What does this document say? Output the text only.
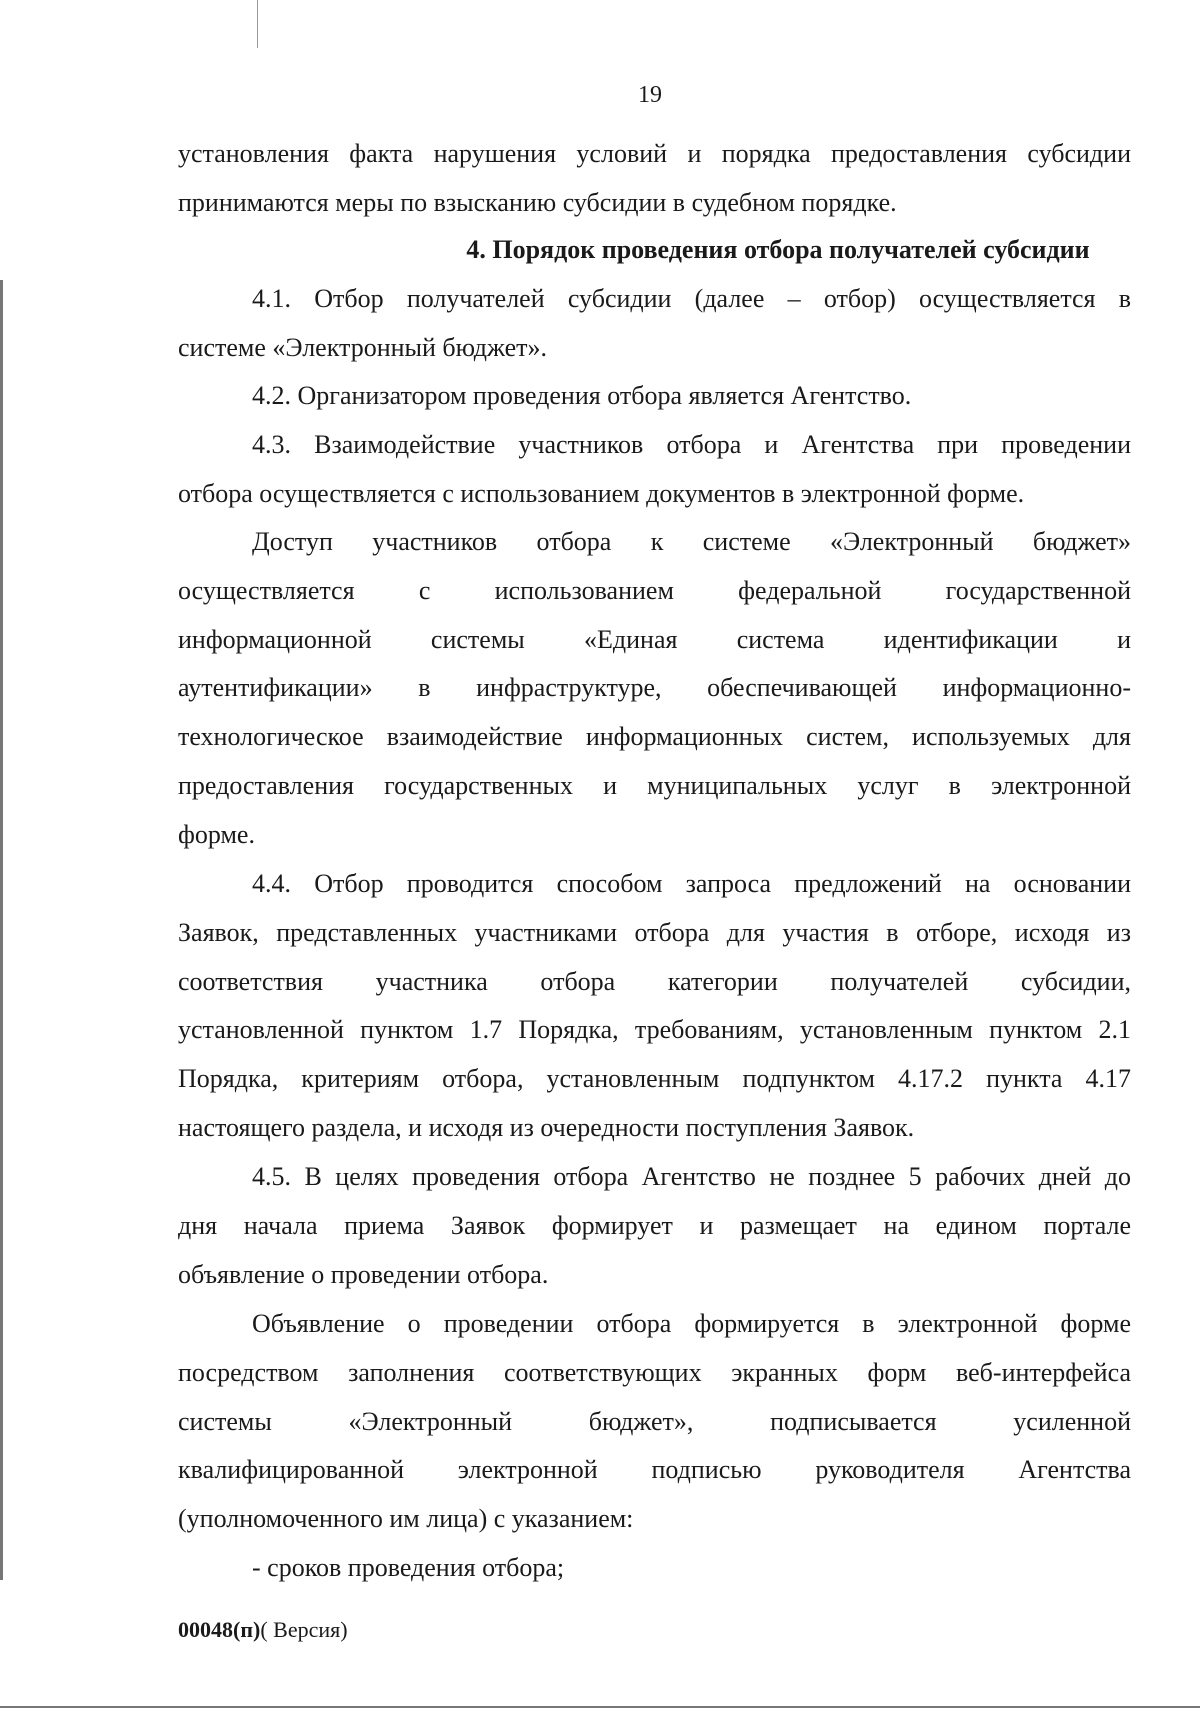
19
установления факта нарушения условий и порядка предоставления субсидии
принимаются меры по взысканию субсидии в судебном порядке.
4. Порядок проведения отбора получателей субсидии
4.1. Отбор получателей субсидии (далее – отбор) осуществляется в
системе «Электронный бюджет».
4.2. Организатором проведения отбора является Агентство.
4.3. Взаимодействие участников отбора и Агентства при проведении
отбора осуществляется с использованием документов в электронной форме.
Доступ участников отбора к системе «Электронный бюджет»
осуществляется с использованием федеральной государственной
информационной системы «Единая система идентификации и
аутентификации» в инфраструктуре, обеспечивающей информационно-
технологическое взаимодействие информационных систем, используемых для
предоставления государственных и муниципальных услуг в электронной
форме.
4.4. Отбор проводится способом запроса предложений на основании
Заявок, представленных участниками отбора для участия в отборе, исходя из
соответствия участника отбора категории получателей субсидии,
установленной пунктом 1.7 Порядка, требованиям, установленным пунктом 2.1
Порядка, критериям отбора, установленным подпунктом 4.17.2 пункта 4.17
настоящего раздела, и исходя из очередности поступления Заявок.
4.5. В целях проведения отбора Агентство не позднее 5 рабочих дней до
дня начала приема Заявок формирует и размещает на едином портале
объявление о проведении отбора.
Объявление о проведении отбора формируется в электронной форме
посредством заполнения соответствующих экранных форм веб-интерфейса
системы «Электронный бюджет», подписывается усиленной
квалифицированной электронной подписью руководителя Агентства
(уполномоченного им лица) с указанием:
- сроков проведения отбора;
00048(п)( Версия)
